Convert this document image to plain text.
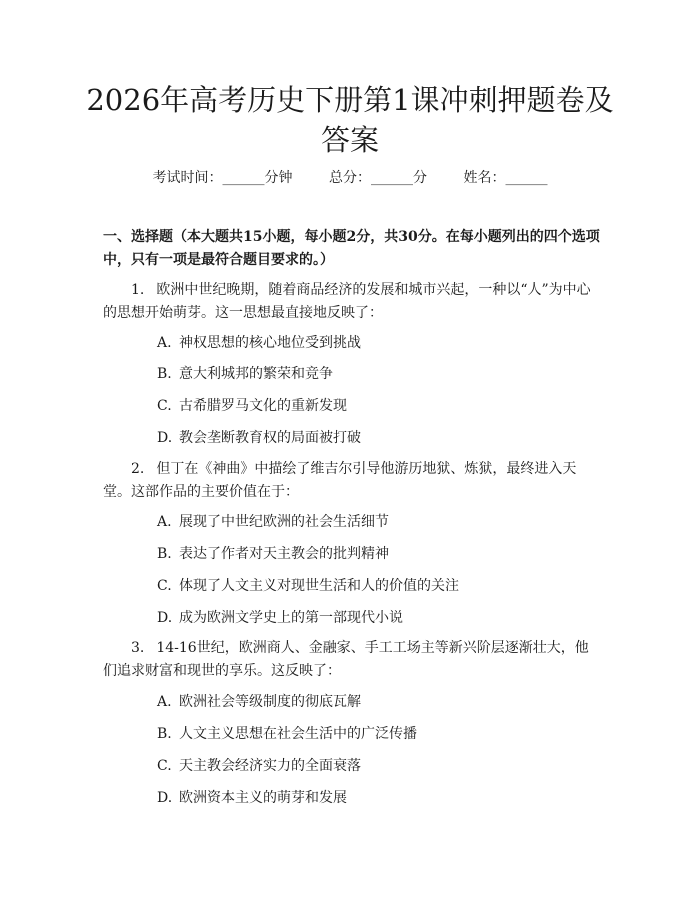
2026年高考历史下册第1课冲刺押题卷及答案
考试时间：______分钟	总分：______分	姓名：______
一、选择题（本大题共15小题，每小题2分，共30分。在每小题列出的四个选项中，只有一项是最符合题目要求的。）
1. 欧洲中世纪晚期，随着商品经济的发展和城市兴起，一种以“人”为中心的思想开始萌芽。这一思想最直接地反映了：
A. 神权思想的核心地位受到挑战
B. 意大利城邦的繁荣和竞争
C. 古希腊罗马文化的重新发现
D. 教会垄断教育权的局面被打破
2. 但丁在《神曲》中描绘了维吉尔引导他游历地狱、炼狱，最终进入天堂。这部作品的主要价值在于：
A. 展现了中世纪欧洲的社会生活细节
B. 表达了作者对天主教会的批判精神
C. 体现了人文主义对现世生活和人的价值的关注
D. 成为欧洲文学史上的第一部现代小说
3. 14-16世纪，欧洲商人、金融家、手工工场主等新兴阶层逐渐壮大，他们追求财富和现世的享乐。这反映了：
A. 欧洲社会等级制度的彻底瓦解
B. 人文主义思想在社会生活中的广泛传播
C. 天主教会经济实力的全面衰落
D. 欧洲资本主义的萌芽和发展
